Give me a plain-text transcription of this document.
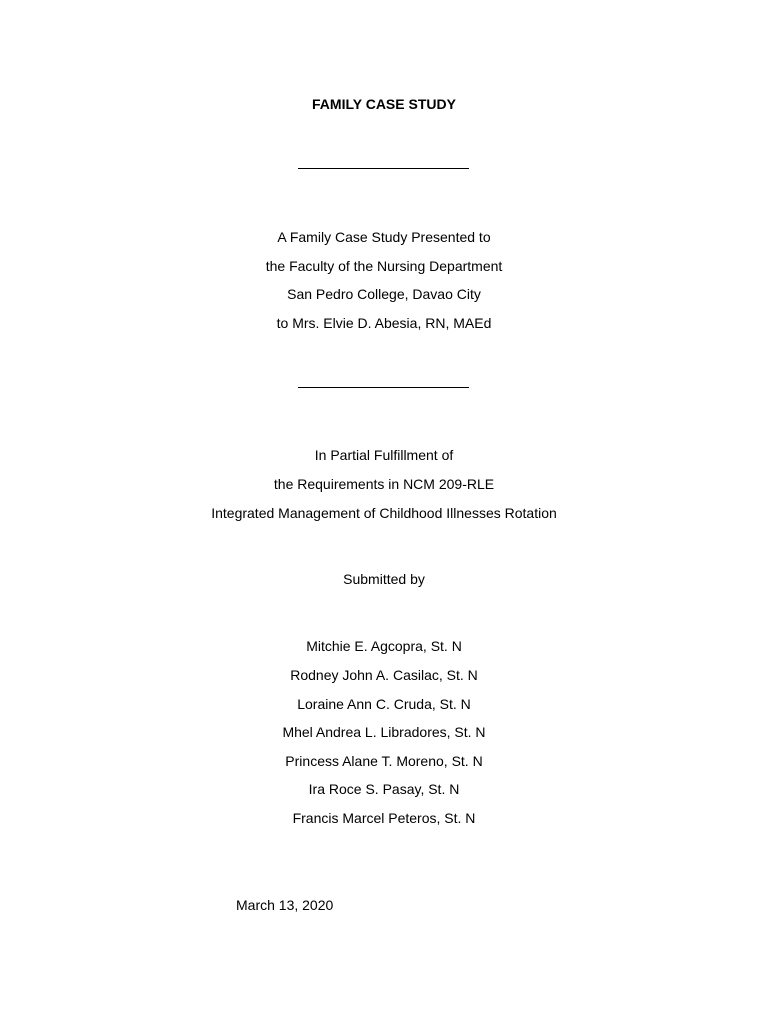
FAMILY CASE STUDY
A Family Case Study Presented to
the Faculty of the Nursing Department
San Pedro College, Davao City
to Mrs. Elvie D. Abesia, RN, MAEd
In Partial Fulfillment of
the Requirements in NCM 209-RLE
Integrated Management of Childhood Illnesses Rotation
Submitted by
Mitchie E. Agcopra, St. N
Rodney John A. Casilac, St. N
Loraine Ann C. Cruda, St. N
Mhel Andrea L. Libradores, St. N
Princess Alane T. Moreno, St. N
Ira Roce S. Pasay, St. N
Francis Marcel Peteros, St. N
March 13, 2020
